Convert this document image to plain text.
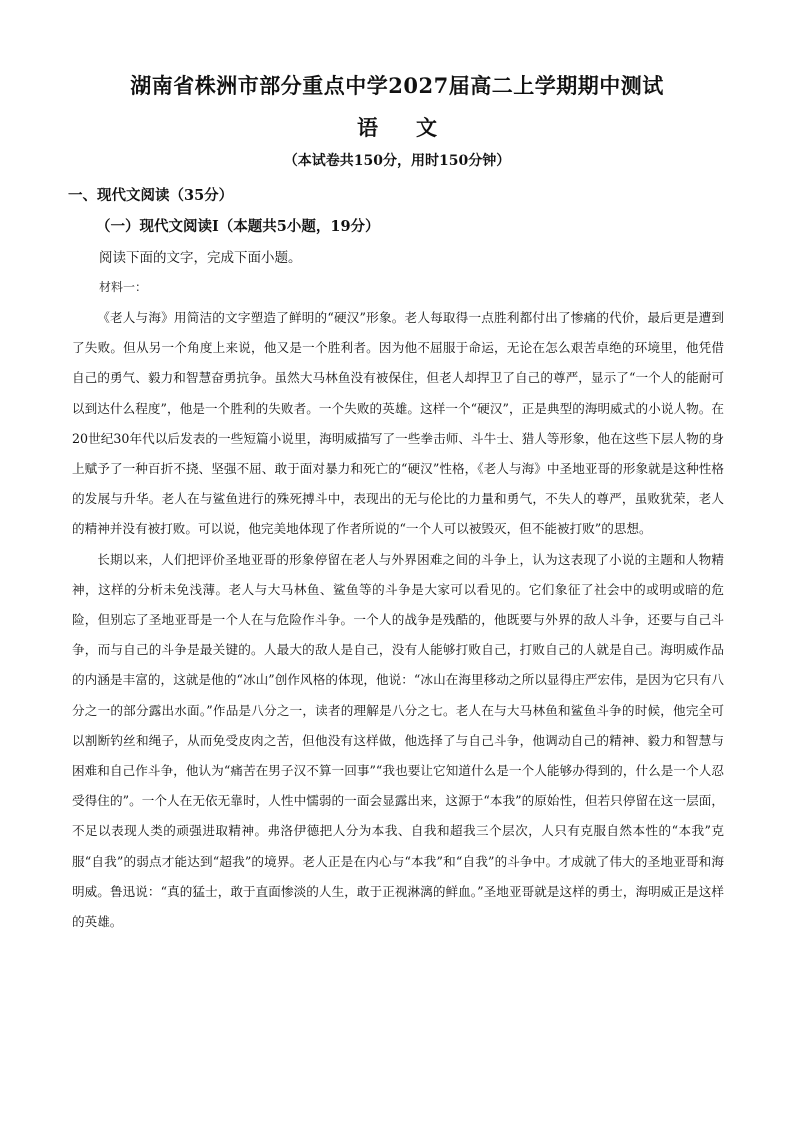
湖南省株洲市部分重点中学2027届高二上学期期中测试
语文
（本试卷共150分，用时150分钟）
一、现代文阅读（35分）
（一）现代文阅读Ⅰ（本题共5小题，19分）
阅读下面的文字，完成下面小题。
材料一：

《老人与海》用简洁的文字塑造了鲜明的“硬汉”形象。老人每取得一点胜利都付出了惨痛的代价，最后更是遭到了失败。但从另一个角度上来说，他又是一个胜利者。因为他不屈服于命运，无论在怎么艰苦卓绝的环境里，他凭借自己的勇气、毅力和智慧奋勇抗争。虽然大马林鱼没有被保住，但老人却捍卫了自己的尊严，显示了“一个人的能耐可以到达什么程度”，他是一个胜利的失败者。一个失败的英雄。这样一个“硬汉”，正是典型的海明威式的小说人物。在20世纪30年代以后发表的一些短篇小说里，海明威描写了一些拳击师、斗牛士、猎人等形象，他在这些下层人物的身上赋予了一种百折不挠、坚强不屈、敢于面对暴力和死亡的“硬汉”性格，《老人与海》中圣地亚哥的形象就是这种性格的发展与升华。老人在与鲨鱼进行的殊死搏斗中，表现出的无与伦比的力量和勇气，不失人的尊严，虽败犹荣，老人的精神并没有被打败。可以说，他完美地体现了作者所说的“一个人可以被毁灭，但不能被打败”的思想。

长期以来，人们把评价圣地亚哥的形象停留在老人与外界困难之间的斗争上，认为这表现了小说的主题和人物精神，这样的分析未免浅薄。老人与大马林鱼、鲨鱼等的斗争是大家可以看见的。它们象征了社会中的或明或暗的危险，但别忘了圣地亚哥是一个人在与危险作斗争。一个人的战争是残酷的，他既要与外界的敌人斗争，还要与自己斗争，而与自己的斗争是最关键的。人最大的敌人是自己，没有人能够打败自己，打败自己的人就是自己。海明威作品的内涵是丰富的，这就是他的“冰山”创作风格的体现，他说：“冰山在海里移动之所以显得庄严宏伟，是因为它只有八分之一的部分露出水面。”作品是八分之一，读者的理解是八分之七。老人在与大马林鱼和鲨鱼斗争的时候，他完全可以割断钓丝和绳子，从而免受皮肉之苦，但他没有这样做，他选择了与自己斗争，他调动自己的精神、毅力和智慧与困难和自己作斗争，他认为“痛苦在男子汉不算一回事”“我也要让它知道什么是一个人能够办得到的，什么是一个人忍受得住的”。一个人在无依无靠时，人性中懦弱的一面会显露出来，这源于“本我”的原始性，但若只停留在这一层面，不足以表现人类的顽强进取精神。弗洛伊德把人分为本我、自我和超我三个层次，人只有克服自然本性的“本我”克服“自我”的弱点才能达到“超我”的境界。老人正是在内心与“本我”和“自我”的斗争中。才成就了伟大的圣地亚哥和海明威。鲁迅说：“真的猛士，敢于直面惨淡的人生，敢于正视淋漓的鲜血。”圣地亚哥就是这样的勇士，海明威正是这样的英雄。
